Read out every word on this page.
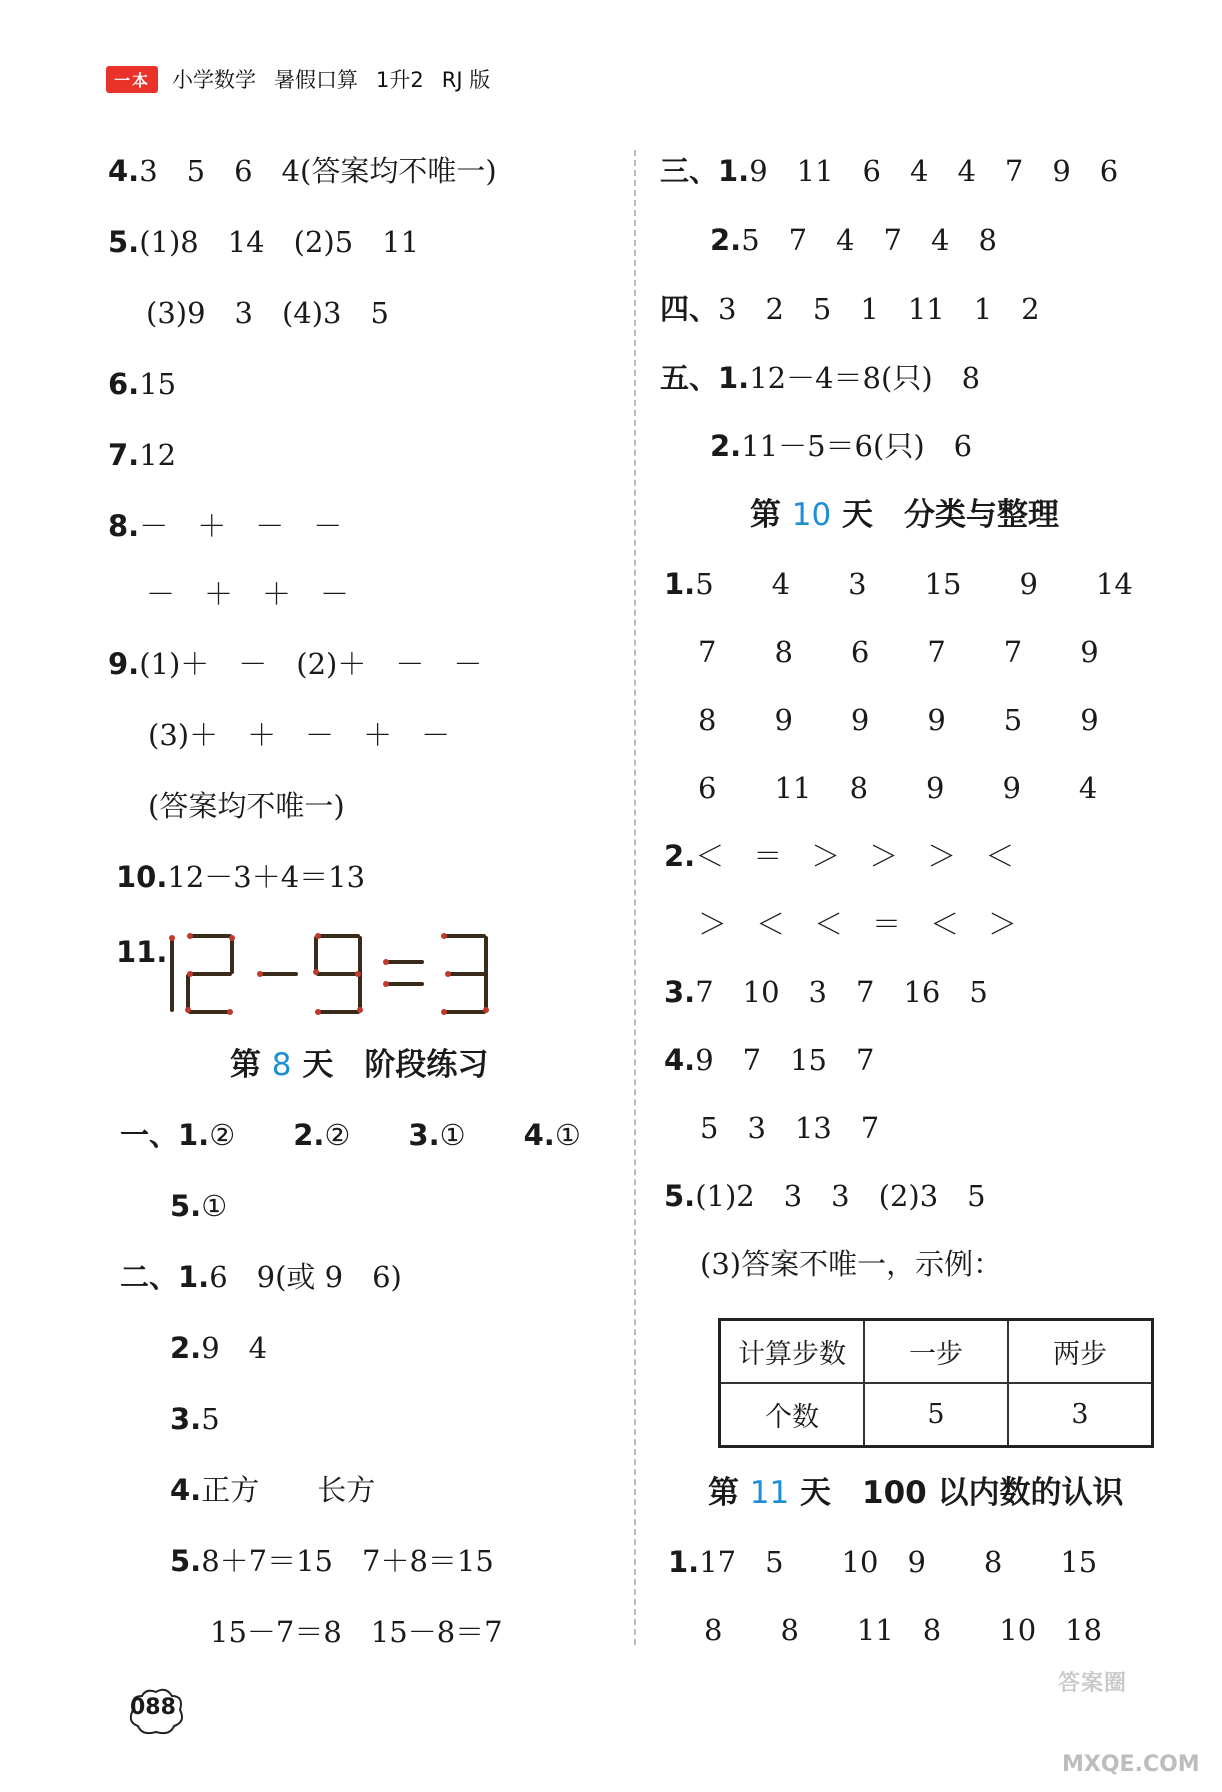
一本	小学数学 暑假口算 1升2 RJ 版
4.3　5　6　4(答案均不唯一)
5.(1)8　14　(2)5　11
(3)9　3　(4)3　5
6.15
7.12
8.－　＋　－　－
－　＋　＋　－
9.(1)＋　－　(2)＋　－　－
(3)＋　＋　－　＋　－
(答案均不唯一)
10.12－3＋4＝13
11.
第 8 天　阶段练习
一、1.②　　2.②　　3.①　　4.①
5.①
二、1.6　9(或 9　6)
2.9　4
3.5
4.正方　　长方
5.8＋7＝15　7＋8＝15
15－7＝8　15－8＝7
三、1.9　11　6　4　4　7　9　6
2.5　7　4　7　4　8
四、3　2　5　1　11　1　2
五、1.12－4＝8(只)　8
2.11－5＝6(只)　6
第 10 天　分类与整理
1.5　　4　　3　　15　　9　　14
7　　8　　6　　7　　7　　9
8　　9　　9　　9　　5　　9
6　　11　 8　　9　　9　　4
2.＜　＝　＞　＞　＞　＜
＞　＜　＜　＝　＜　＞
3.7　10　3　7　16　5
4.9　7　15　7
5　3　13　7
5.(1)2　3　3　(2)3　5
(3)答案不唯一，示例：
计算步数	一步	两步
个数	5	3
第 11 天　100 以内数的认识
1.17　5　　10　9　　8　　15
8　　8　　11　8　　10　18
088
答案圈
MXQE.COM
